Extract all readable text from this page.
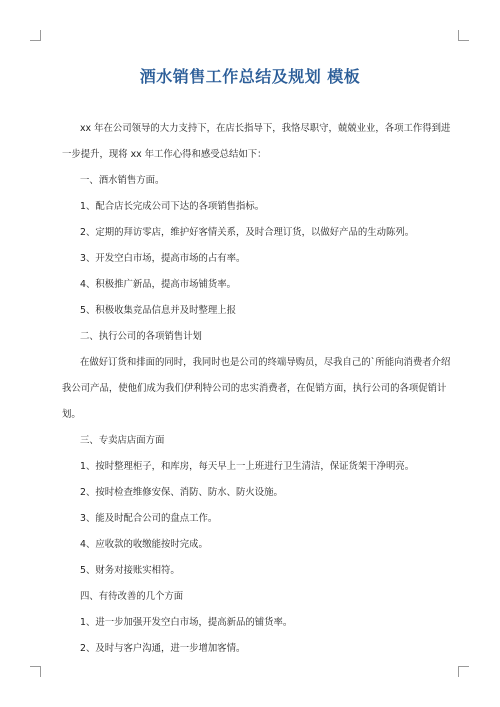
酒水销售工作总结及规划 模板

xx 年在公司领导的大力支持下，在店长指导下，我恪尽职守，兢兢业业，各项工作得到进一步提升，现将 xx 年工作心得和感受总结如下：

一、酒水销售方面。

1、配合店长完成公司下达的各项销售指标。

2、定期的拜访零店，维护好客情关系，及时合理订货，以做好产品的生动陈列。

3、开发空白市场，提高市场的占有率。

4、积极推广新品，提高市场铺货率。

5、积极收集竞品信息并及时整理上报

二、执行公司的各项销售计划

在做好订货和排面的同时，我同时也是公司的终端导购员，尽我自己的`所能向消费者介绍我公司产品，使他们成为我们伊利特公司的忠实消费者，在促销方面，执行公司的各项促销计划。

三、专卖店店面方面

1、按时整理柜子，和库房，每天早上一上班进行卫生清洁，保证货架干净明亮。

2、按时检查维修安保、消防、防水、防火设施。

3、能及时配合公司的盘点工作。

4、应收款的收缴能按时完成。

5、财务对接账实相符。

四、有待改善的几个方面

1、进一步加强开发空白市场，提高新品的铺货率。

2、及时与客户沟通，进一步增加客情。
